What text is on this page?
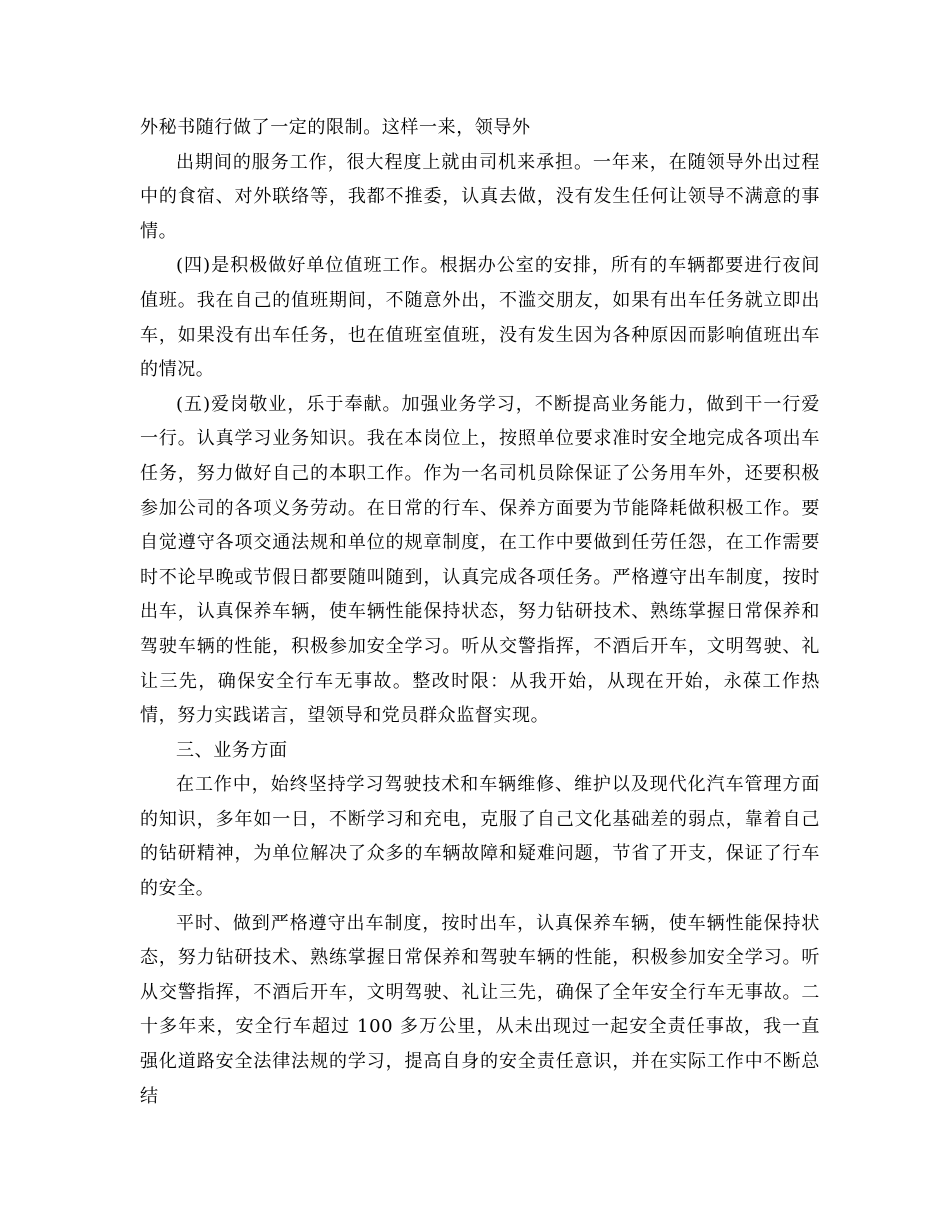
外秘书随行做了一定的限制。这样一来，领导外

出期间的服务工作，很大程度上就由司机来承担。一年来，在随领导外出过程中的食宿、对外联络等，我都不推委，认真去做，没有发生任何让领导不满意的事情。

(四)是积极做好单位值班工作。根据办公室的安排，所有的车辆都要进行夜间值班。我在自己的值班期间，不随意外出，不滥交朋友，如果有出车任务就立即出车，如果没有出车任务，也在值班室值班，没有发生因为各种原因而影响值班出车的情况。

(五)爱岗敬业，乐于奉献。加强业务学习，不断提高业务能力，做到干一行爱一行。认真学习业务知识。我在本岗位上，按照单位要求准时安全地完成各项出车任务，努力做好自己的本职工作。作为一名司机员除保证了公务用车外，还要积极参加公司的各项义务劳动。在日常的行车、保养方面要为节能降耗做积极工作。要自觉遵守各项交通法规和单位的规章制度，在工作中要做到任劳任怨，在工作需要时不论早晚或节假日都要随叫随到，认真完成各项任务。严格遵守出车制度，按时出车，认真保养车辆，使车辆性能保持状态，努力钻研技术、熟练掌握日常保养和驾驶车辆的性能，积极参加安全学习。听从交警指挥，不酒后开车，文明驾驶、礼让三先，确保安全行车无事故。整改时限：从我开始，从现在开始，永葆工作热情，努力实践诺言，望领导和党员群众监督实现。

三、业务方面

在工作中，始终坚持学习驾驶技术和车辆维修、维护以及现代化汽车管理方面的知识，多年如一日，不断学习和充电，克服了自己文化基础差的弱点，靠着自己的钻研精神，为单位解决了众多的车辆故障和疑难问题，节省了开支，保证了行车的安全。

平时、做到严格遵守出车制度，按时出车，认真保养车辆，使车辆性能保持状态，努力钻研技术、熟练掌握日常保养和驾驶车辆的性能，积极参加安全学习。听从交警指挥，不酒后开车，文明驾驶、礼让三先，确保了全年安全行车无事故。二十多年来，安全行车超过 100 多万公里，从未出现过一起安全责任事故，我一直强化道路安全法律法规的学习，提高自身的安全责任意识，并在实际工作中不断总结
